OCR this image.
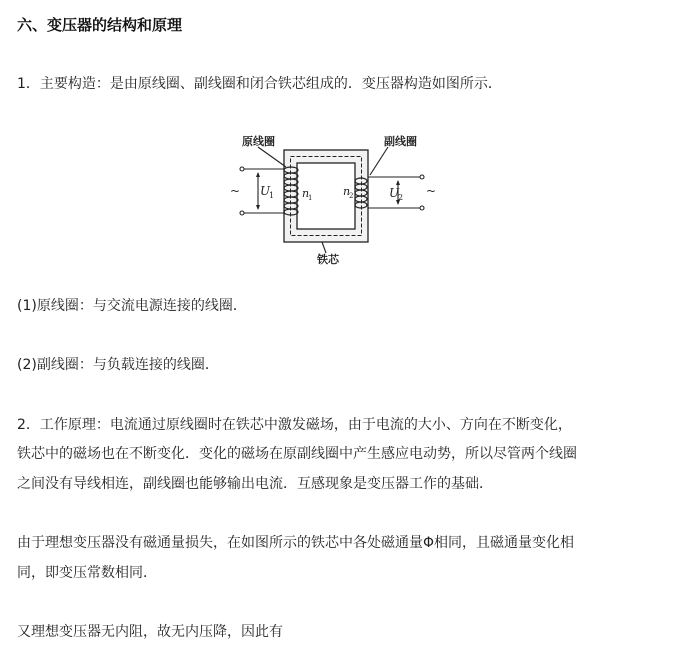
六、变压器的结构和原理
1．主要构造：是由原线圈、副线圈和闭合铁芯组成的．变压器构造如图所示．
原线圈	副线圈
铁芯
~	~
U
1	U
2
n
1	n
2
(1)原线圈：与交流电源连接的线圈．
(2)副线圈：与负载连接的线圈．
2．工作原理：电流通过原线圈时在铁芯中激发磁场，由于电流的大小、方向在不断变化，
铁芯中的磁场也在不断变化．变化的磁场在原副线圈中产生感应电动势，所以尽管两个线圈
之间没有导线相连，副线圈也能够输出电流．互感现象是变压器工作的基础．
由于理想变压器没有磁通量损失，在如图所示的铁芯中各处磁通量Φ相同，且磁通量变化相
同，即变压常数相同．
又理想变压器无内阻，故无内压降，因此有
